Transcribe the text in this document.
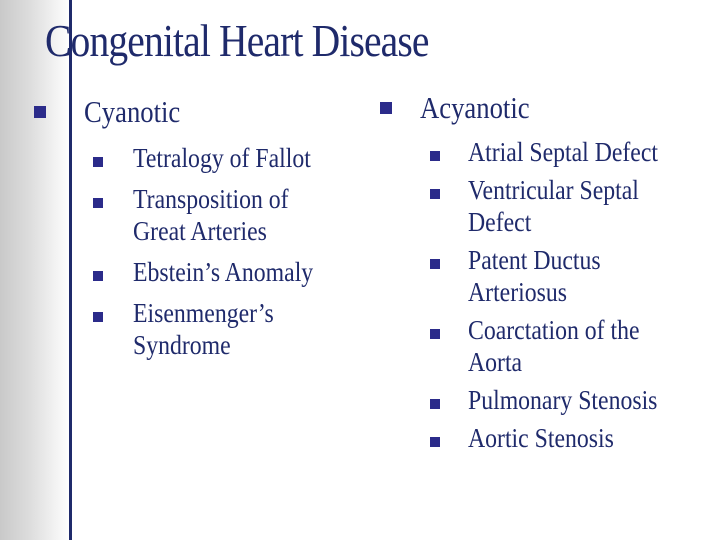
Congenital Heart Disease
Cyanotic
Tetralogy of Fallot
Transposition of
Great Arteries
Ebstein’s Anomaly
Eisenmenger’s
Syndrome
Acyanotic
Atrial Septal Defect
Ventricular Septal
Defect
Patent Ductus
Arteriosus
Coarctation of the
Aorta
Pulmonary Stenosis
Aortic Stenosis
